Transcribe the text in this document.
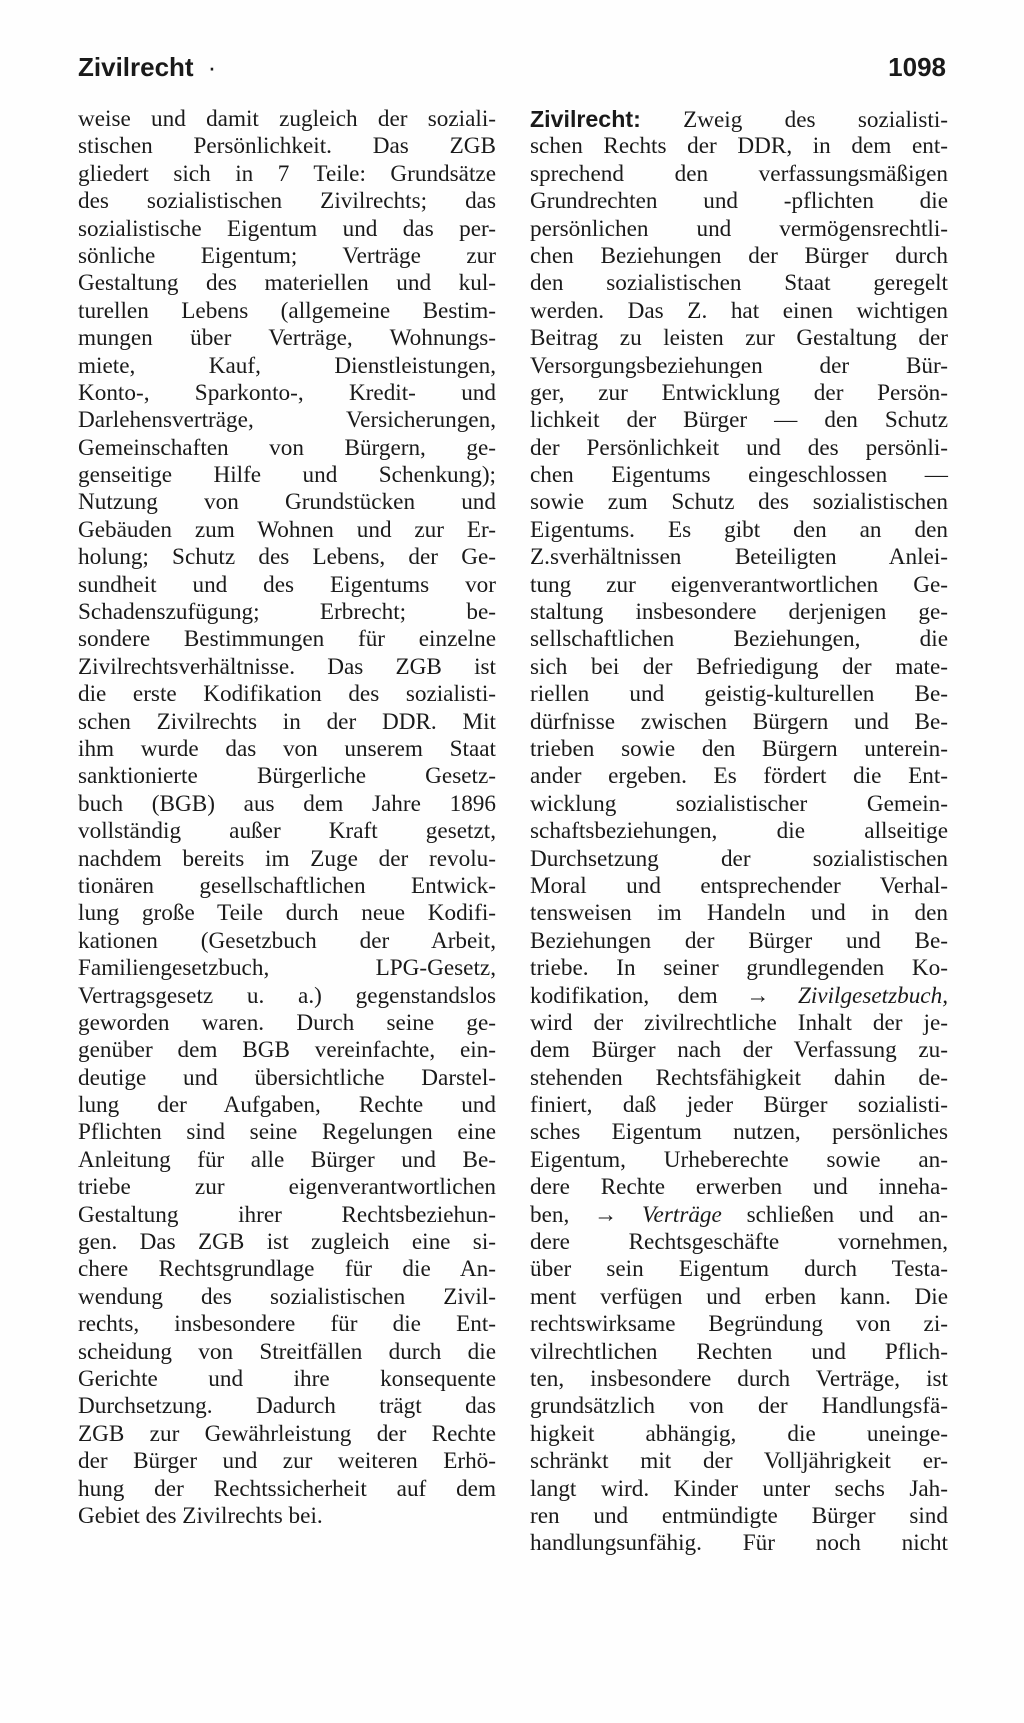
Zivilrecht ·	1098
weise und damit zugleich der soziali-
stischen Persönlichkeit. Das ZGB
gliedert sich in 7 Teile: Grundsätze
des sozialistischen Zivilrechts; das
sozialistische Eigentum und das per-
sönliche Eigentum; Verträge zur
Gestaltung des materiellen und kul-
turellen Lebens (allgemeine Bestim-
mungen über Verträge, Wohnungs-
miete, Kauf, Dienstleistungen,
Konto-, Sparkonto-, Kredit- und
Darlehensverträge, Versicherungen,
Gemeinschaften von Bürgern, ge-
genseitige Hilfe und Schenkung);
Nutzung von Grundstücken und
Gebäuden zum Wohnen und zur Er-
holung; Schutz des Lebens, der Ge-
sundheit und des Eigentums vor
Schadenszufügung; Erbrecht; be-
sondere Bestimmungen für einzelne
Zivilrechtsverhältnisse. Das ZGB ist
die erste Kodifikation des sozialisti-
schen Zivilrechts in der DDR. Mit
ihm wurde das von unserem Staat
sanktionierte Bürgerliche Gesetz-
buch (BGB) aus dem Jahre 1896
vollständig außer Kraft gesetzt,
nachdem bereits im Zuge der revolu-
tionären gesellschaftlichen Entwick-
lung große Teile durch neue Kodifi-
kationen (Gesetzbuch der Arbeit,
Familiengesetzbuch, LPG-Gesetz,
Vertragsgesetz u. a.) gegenstandslos
geworden waren. Durch seine ge-
genüber dem BGB vereinfachte, ein-
deutige und übersichtliche Darstel-
lung der Aufgaben, Rechte und
Pflichten sind seine Regelungen eine
Anleitung für alle Bürger und Be-
triebe zur eigenverantwortlichen
Gestaltung ihrer Rechtsbeziehun-
gen. Das ZGB ist zugleich eine si-
chere Rechtsgrundlage für die An-
wendung des sozialistischen Zivil-
rechts, insbesondere für die Ent-
scheidung von Streitfällen durch die
Gerichte und ihre konsequente
Durchsetzung. Dadurch trägt das
ZGB zur Gewährleistung der Rechte
der Bürger und zur weiteren Erhö-
hung der Rechtssicherheit auf dem
Gebiet des Zivilrechts bei.
Zivilrecht: Zweig des sozialisti-
schen Rechts der DDR, in dem ent-
sprechend den verfassungsmäßigen
Grundrechten und -pflichten die
persönlichen und vermögensrechtli-
chen Beziehungen der Bürger durch
den sozialistischen Staat geregelt
werden. Das Z. hat einen wichtigen
Beitrag zu leisten zur Gestaltung der
Versorgungsbeziehungen der Bür-
ger, zur Entwicklung der Persön-
lichkeit der Bürger — den Schutz
der Persönlichkeit und des persönli-
chen Eigentums eingeschlossen —
sowie zum Schutz des sozialistischen
Eigentums. Es gibt den an den
Z.sverhältnissen Beteiligten Anlei-
tung zur eigenverantwortlichen Ge-
staltung insbesondere derjenigen ge-
sellschaftlichen Beziehungen, die
sich bei der Befriedigung der mate-
riellen und geistig-kulturellen Be-
dürfnisse zwischen Bürgern und Be-
trieben sowie den Bürgern unterein-
ander ergeben. Es fördert die Ent-
wicklung sozialistischer Gemein-
schaftsbeziehungen, die allseitige
Durchsetzung der sozialistischen
Moral und entsprechender Verhal-
tensweisen im Handeln und in den
Beziehungen der Bürger und Be-
triebe. In seiner grundlegenden Ko-
kodifikation, dem → Zivilgesetzbuch,
wird der zivilrechtliche Inhalt der je-
dem Bürger nach der Verfassung zu-
stehenden Rechtsfähigkeit dahin de-
finiert, daß jeder Bürger sozialisti-
sches Eigentum nutzen, persönliches
Eigentum, Urheberechte sowie an-
dere Rechte erwerben und inneha-
ben, → Verträge schließen und an-
dere Rechtsgeschäfte vornehmen,
über sein Eigentum durch Testa-
ment verfügen und erben kann. Die
rechtswirksame Begründung von zi-
vilrechtlichen Rechten und Pflich-
ten, insbesondere durch Verträge, ist
grundsätzlich von der Handlungsfä-
higkeit abhängig, die uneinge-
schränkt mit der Volljährigkeit er-
langt wird. Kinder unter sechs Jah-
ren und entmündigte Bürger sind
handlungsunfähig. Für noch nicht
